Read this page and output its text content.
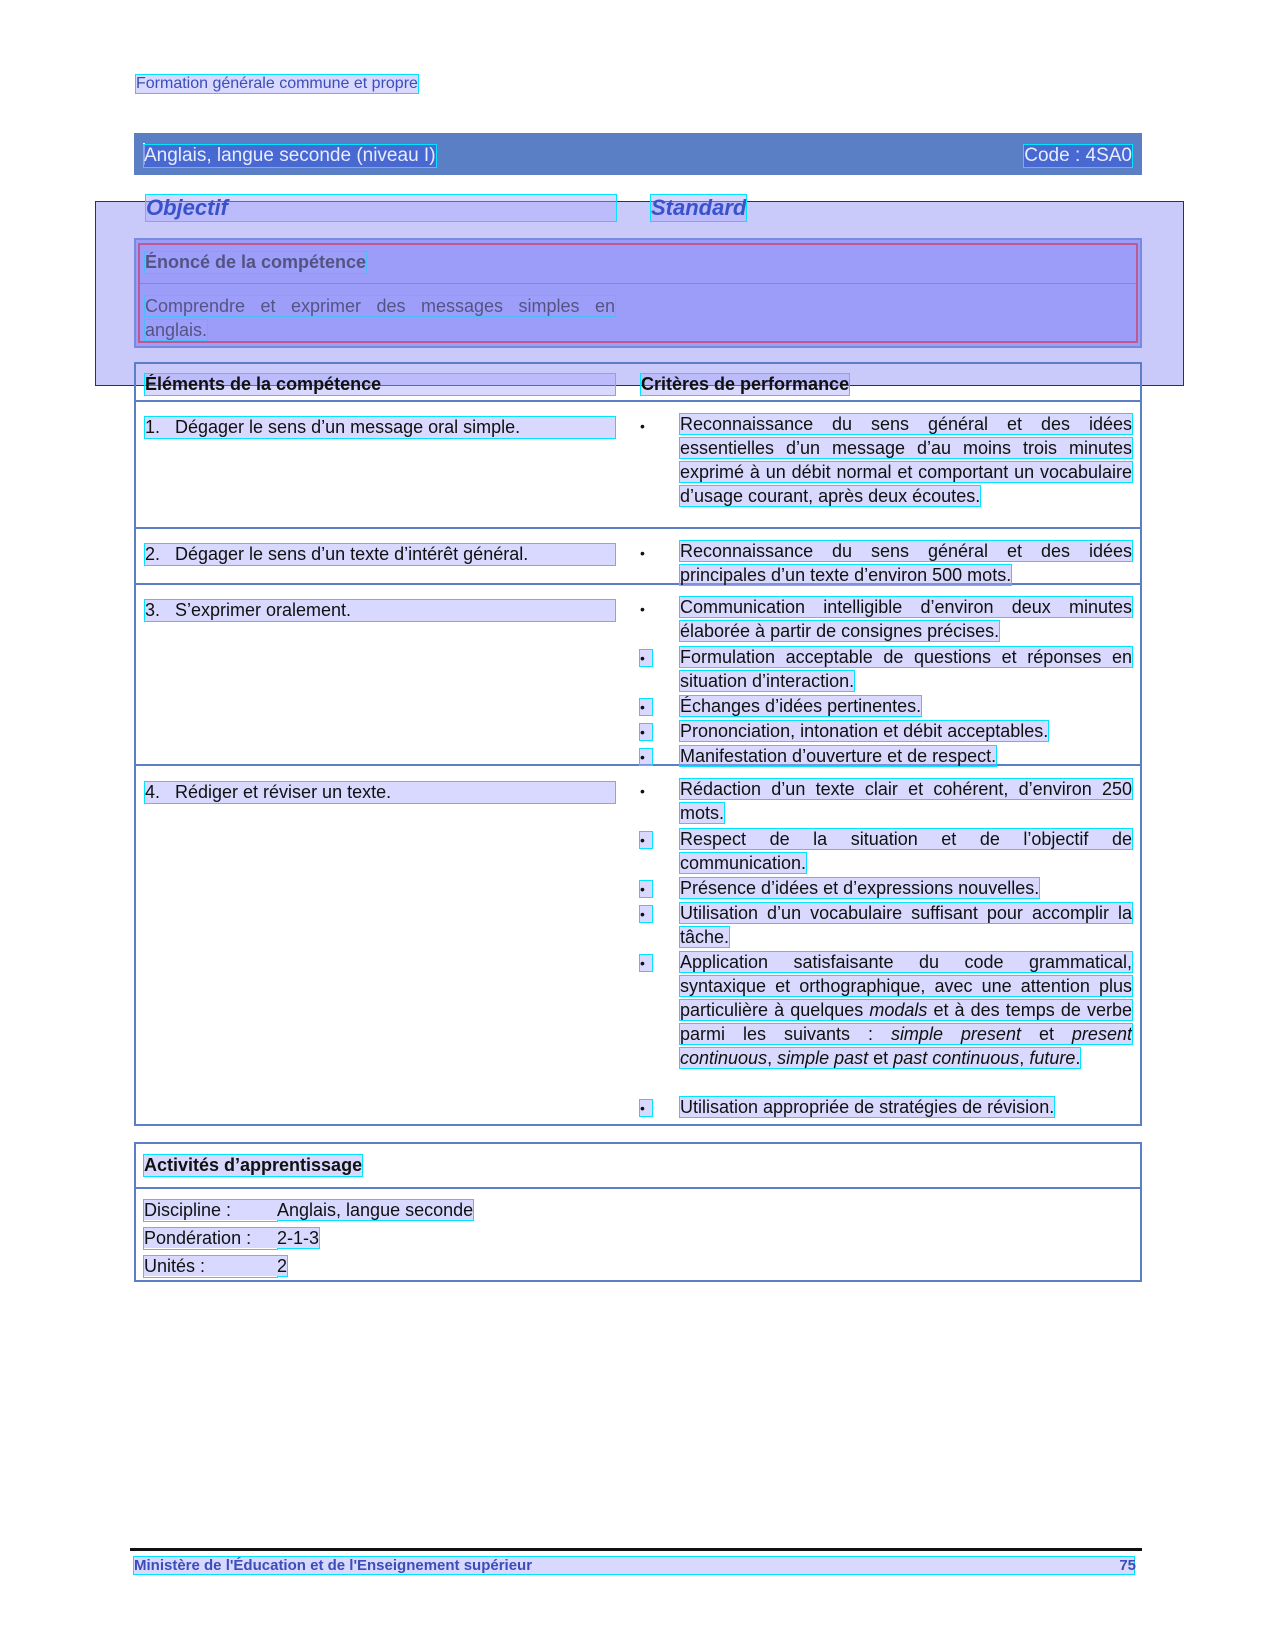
Formation générale commune et propre
Anglais, langue seconde (niveau I)	Code : 4SA0
Objectif	Standard
Éléments de la compétence	Critères de performance
1. Dégager le sens d’un message oral simple.	• Reconnaissance du sens général et des idées essentielles d’un message d’au moins trois minutes exprimé à un débit normal et comportant un vocabulaire d’usage courant, après deux écoutes.
2. Dégager le sens d’un texte d’intérêt général.	• Reconnaissance du sens général et des idées principales d’un texte d’environ 500 mots.
3. S’exprimer oralement.	• Communication intelligible d’environ deux minutes élaborée à partir de consignes précises.
•	Formulation acceptable de questions et réponses en situation d’interaction.
•	Échanges d’idées pertinentes.
•	Prononciation, intonation et débit acceptables.
•	Manifestation d’ouverture et de respect.
4. Rédiger et réviser un texte.	• Rédaction d’un texte clair et cohérent, d’environ 250 mots.
•	Respect de la situation et de l’objectif de communication.
•	Présence d’idées et d’expressions nouvelles.
•	Utilisation d’un vocabulaire suffisant pour accomplir la tâche.
•	Application satisfaisante du code grammatical, syntaxique et orthographique, avec une attention plus particulière à quelques modals et à des temps de verbe parmi les suivants : simple present et present continuous, simple past et past continuous, future.
•	Utilisation appropriée de stratégies de révision.
Activités d’apprentissage
Discipline :	Anglais, langue seconde
Pondération : 2-1-3
Unités :	2
Ministère de l'Éducation et de l'Enseignement supérieur	75
